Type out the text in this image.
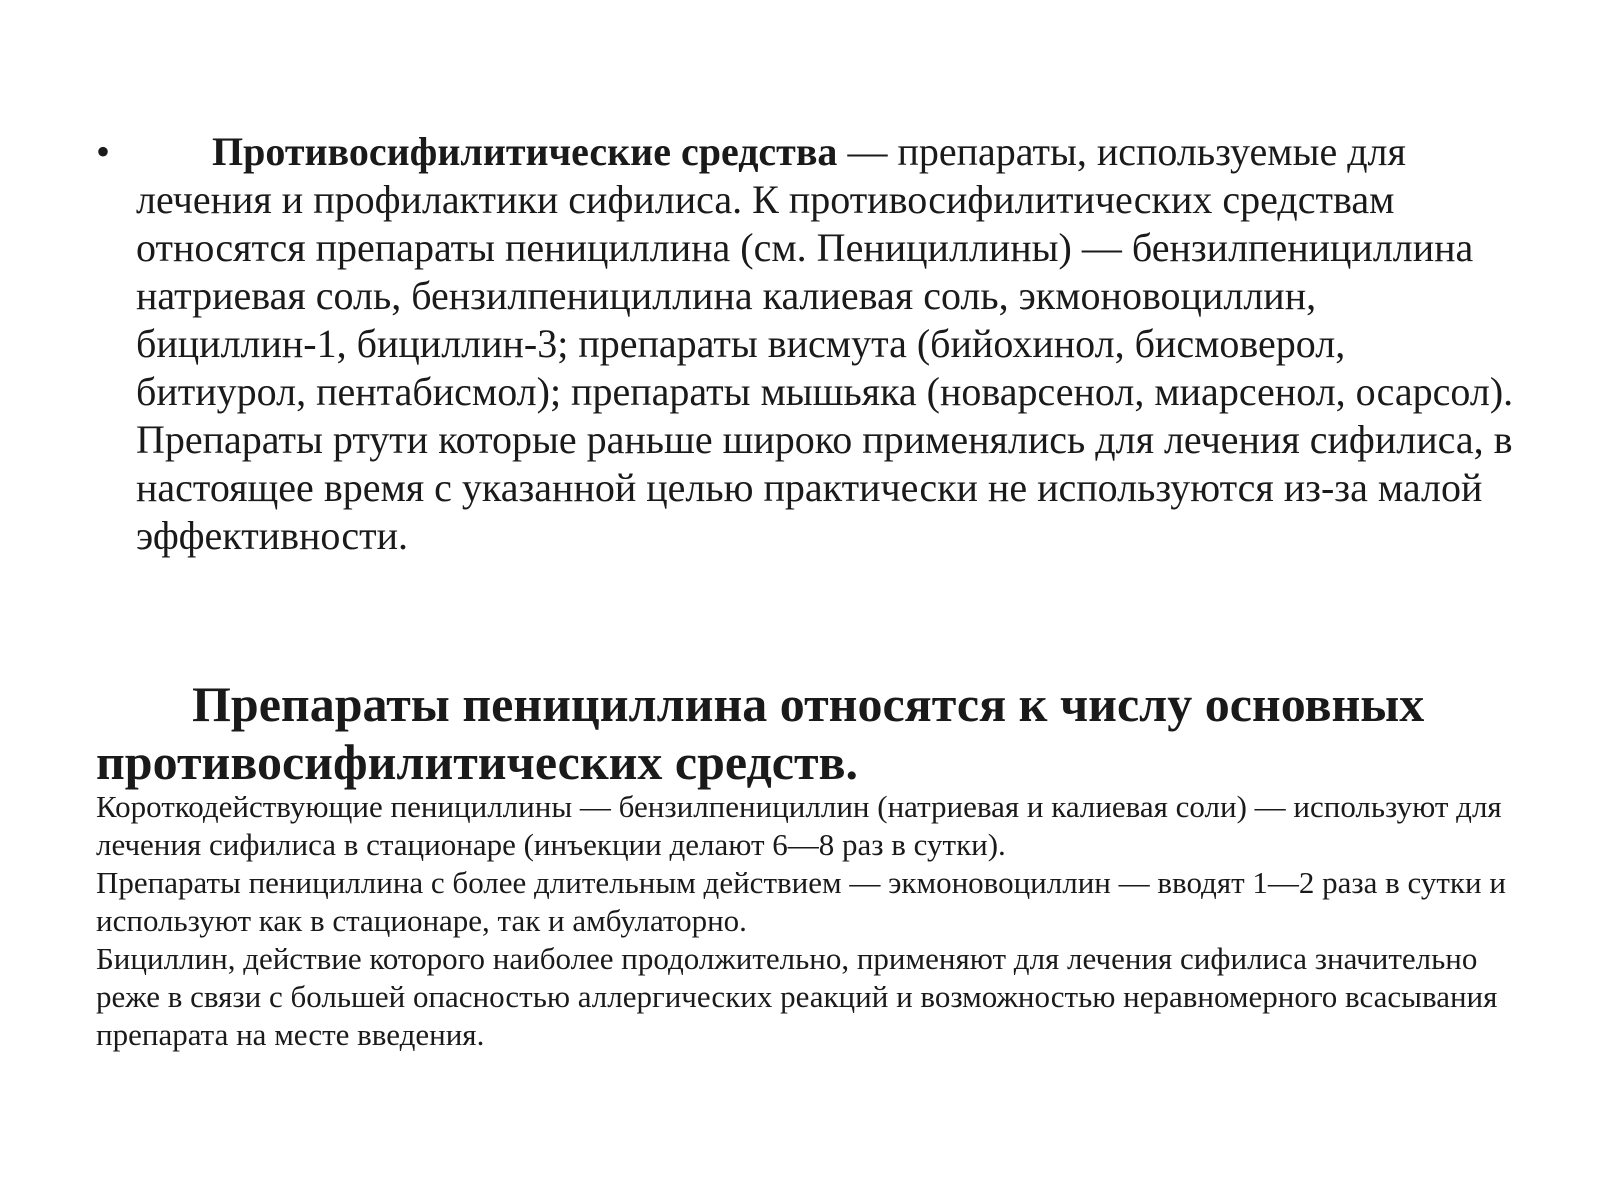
•	Противосифилитические средства — препараты, используемые для лечения и профилактики сифилиса. К противосифилитических средствам относятся препараты пенициллина (см. Пенициллины) — бензилпенициллина натриевая соль, бензилпенициллина калиевая соль, экмоновоциллин, бициллин-1, бициллин-3; препараты висмута (бийохинол, бисмоверол, битиурол, пентабисмол); препараты мышьяка (новарсенол, миарсенол, осарсол). Препараты ртути которые раньше широко применялись для лечения сифилиса, в настоящее время с указанной целью практически не используются из-за малой эффективности.
Препараты пенициллина относятся к числу основных противосифилитических средств.

Короткодействующие пенициллины — бензилпенициллин (натриевая и калиевая соли) — используют для лечения сифилиса в стационаре (инъекции делают 6—8 раз в сутки).

Препараты пенициллина с более длительным действием — экмоновоциллин — вводят 1—2 раза в сутки и используют как в стационаре, так и амбулаторно.

Бициллин, действие которого наиболее продолжительно, применяют для лечения сифилиса значительно реже в связи с большей опасностью аллергических реакций и возможностью неравномерного всасывания препарата на месте введения.
